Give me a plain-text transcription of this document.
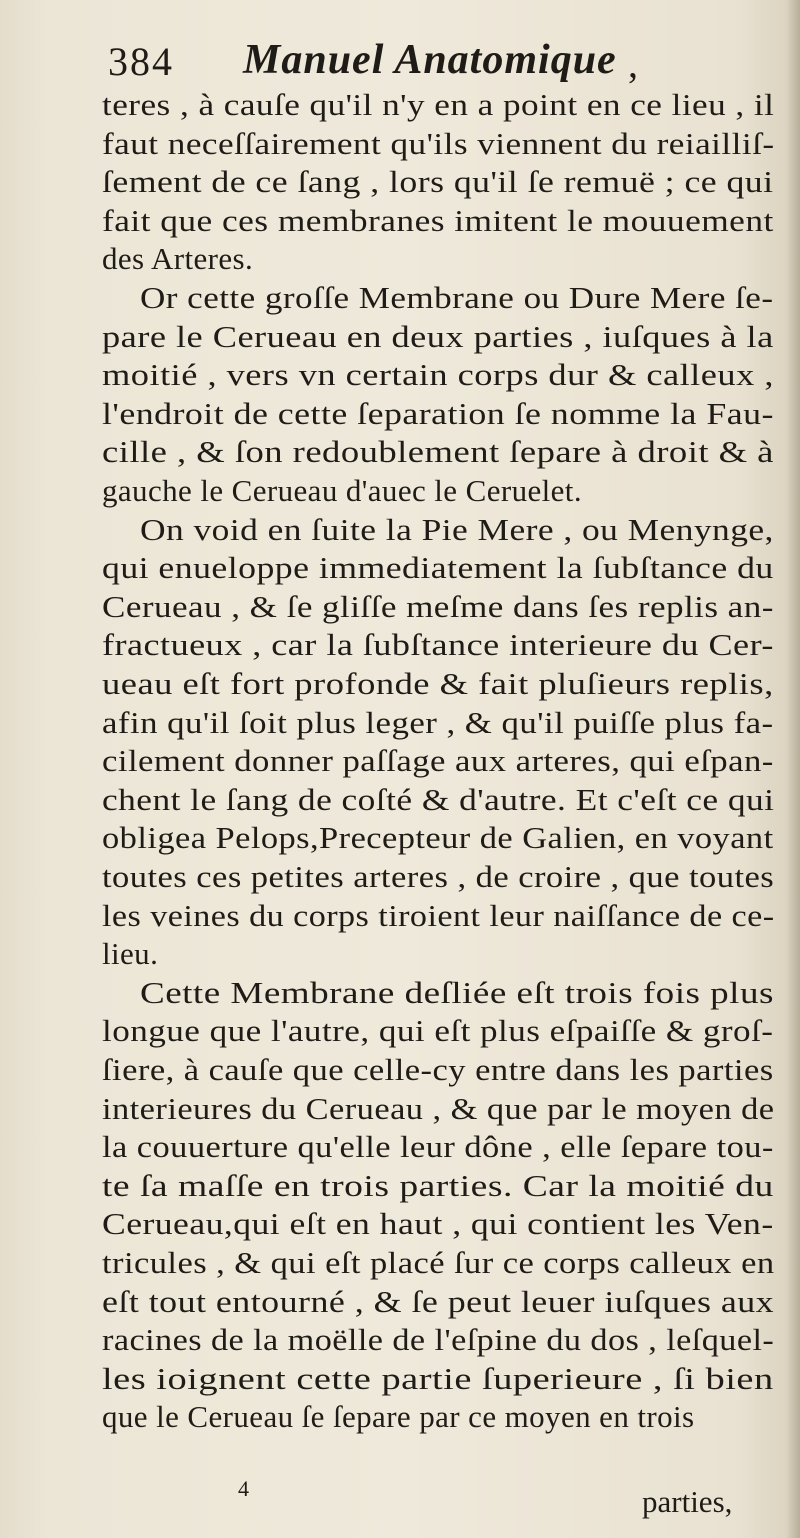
384 Manuel Anatomique ,
teres , à cauſe qu'il n'y en a point en ce lieu , il
faut neceſſairement qu'ils viennent du reiailliſ-
ſement de ce ſang , lors qu'il ſe remuë ; ce qui
fait que ces membranes imitent le mouuement
des Arteres.
Or cette groſſe Membrane ou Dure Mere ſe-
pare le Cerueau en deux parties , iuſques à la
moitié , vers vn certain corps dur & calleux ,
l'endroit de cette ſeparation ſe nomme la Fau-
cille , & ſon redoublement ſepare à droit & à
gauche le Cerueau d'auec le Ceruelet.
On void en ſuite la Pie Mere , ou Menynge,
qui enueloppe immediatement la ſubſtance du
Cerueau , & ſe gliſſe meſme dans ſes replis an-
fractueux , car la ſubſtance interieure du Cer-
ueau eſt fort profonde & fait pluſieurs replis,
afin qu'il ſoit plus leger , & qu'il puiſſe plus fa-
cilement donner paſſage aux arteres, qui eſpan-
chent le ſang de coſté & d'autre. Et c'eſt ce qui
obligea Pelops,Precepteur de Galien, en voyant
toutes ces petites arteres , de croire , que toutes
les veines du corps tiroient leur naiſſance de ce-
lieu.
Cette Membrane deſliée eſt trois fois plus
longue que l'autre, qui eſt plus eſpaiſſe & groſ-
ſiere, à cauſe que celle-cy entre dans les parties
interieures du Cerueau , & que par le moyen de
la couuerture qu'elle leur dône , elle ſepare tou-
te ſa maſſe en trois parties. Car la moitié du
Cerueau,qui eſt en haut , qui contient les Ven-
tricules , & qui eſt placé ſur ce corps calleux en
eſt tout entourné , & ſe peut leuer iuſques aux
racines de la moëlle de l'eſpine du dos , leſquel-
les ioignent cette partie ſuperieure , ſi bien
que le Cerueau ſe ſepare par ce moyen en trois
4	parties,
